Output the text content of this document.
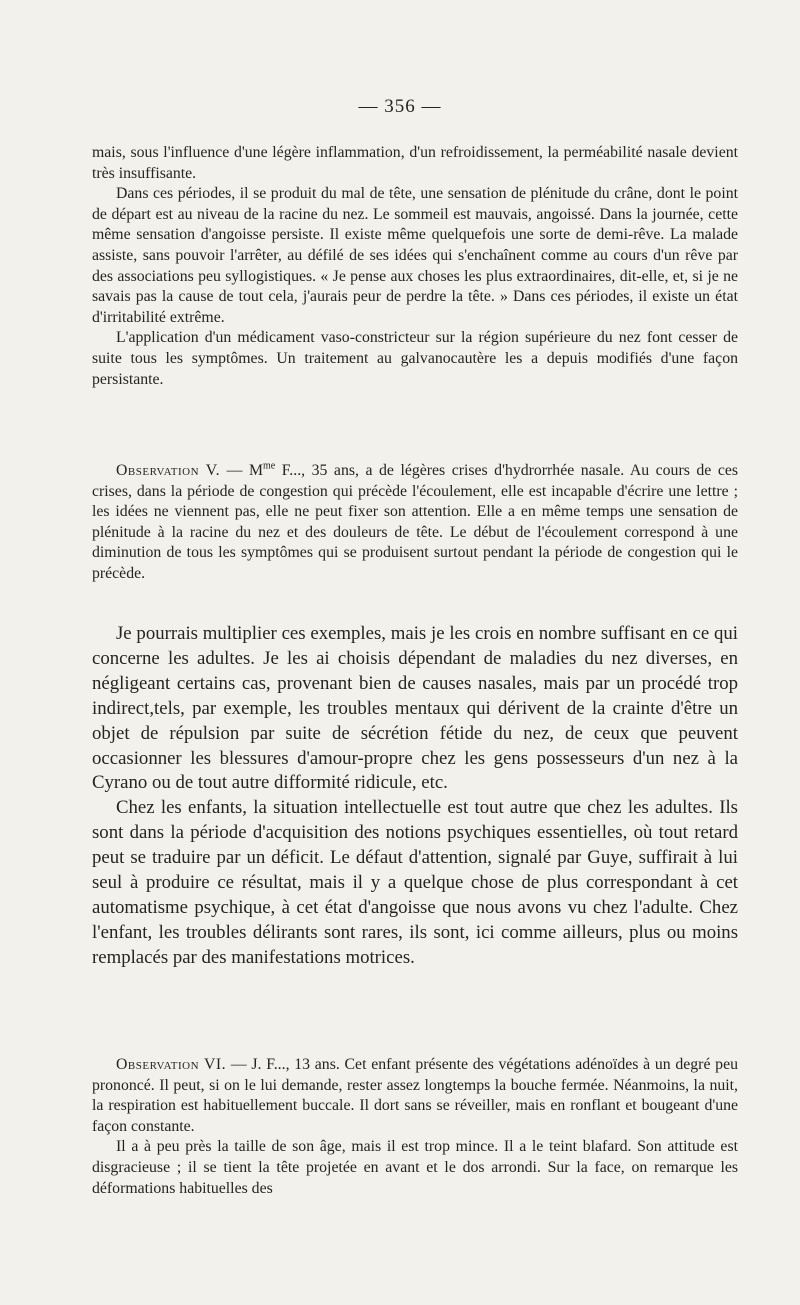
— 356 —

mais, sous l'influence d'une légère inflammation, d'un refroidissement, la perméabilité nasale devient très insuffisante.

Dans ces périodes, il se produit du mal de tête, une sensation de plénitude du crâne, dont le point de départ est au niveau de la racine du nez. Le sommeil est mauvais, angoissé. Dans la journée, cette même sensation d'angoisse persiste. Il existe même quelquefois une sorte de demi-rêve. La malade assiste, sans pouvoir l'arrêter, au défilé de ses idées qui s'enchaînent comme au cours d'un rêve par des associations peu syllogistiques. « Je pense aux choses les plus extraordinaires, dit-elle, et, si je ne savais pas la cause de tout cela, j'aurais peur de perdre la tête. » Dans ces périodes, il existe un état d'irritabilité extrême.

L'application d'un médicament vaso-constricteur sur la région supérieure du nez font cesser de suite tous les symptômes. Un traitement au galvanocautère les a depuis modifiés d'une façon persistante.

Observation V. — $M^{me}$ F..., 35 ans, a de légères crises d'hydrorrhée nasale. Au cours de ces crises, dans la période de congestion qui précède l'écoulement, elle est incapable d'écrire une lettre ; les idées ne viennent pas, elle ne peut fixer son attention. Elle a en même temps une sensation de plénitude à la racine du nez et des douleurs de tête. Le début de l'écoulement correspond à une diminution de tous les symptômes qui se produisent surtout pendant la période de congestion qui le précède.

Je pourrais multiplier ces exemples, mais je les crois en nombre suffisant en ce qui concerne les adultes. Je les ai choisis dépendant de maladies du nez diverses, en négligeant certains cas, provenant bien de causes nasales, mais par un procédé trop indirect,tels, par exemple, les troubles mentaux qui dérivent de la crainte d'être un objet de répulsion par suite de sécrétion fétide du nez, de ceux que peuvent occasionner les blessures d'amour-propre chez les gens possesseurs d'un nez à la Cyrano ou de tout autre difformité ridicule, etc.

Chez les enfants, la situation intellectuelle est tout autre que chez les adultes. Ils sont dans la période d'acquisition des notions psychiques essentielles, où tout retard peut se traduire par un déficit. Le défaut d'attention, signalé par Guye, suffirait à lui seul à produire ce résultat, mais il y a quelque chose de plus correspondant à cet automatisme psychique, à cet état d'angoisse que nous avons vu chez l'adulte. Chez l'enfant, les troubles délirants sont rares, ils sont, ici comme ailleurs, plus ou moins remplacés par des manifestations motrices.

Observation VI. — J. F..., 13 ans. Cet enfant présente des végétations adénoïdes à un degré peu prononcé. Il peut, si on le lui demande, rester assez longtemps la bouche fermée. Néanmoins, la nuit, la respiration est habituellement buccale. Il dort sans se réveiller, mais en ronflant et bougeant d'une façon constante.

Il a à peu près la taille de son âge, mais il est trop mince. Il a le teint blafard. Son attitude est disgracieuse ; il se tient la tête projetée en avant et le dos arrondi. Sur la face, on remarque les déformations habituelles des
